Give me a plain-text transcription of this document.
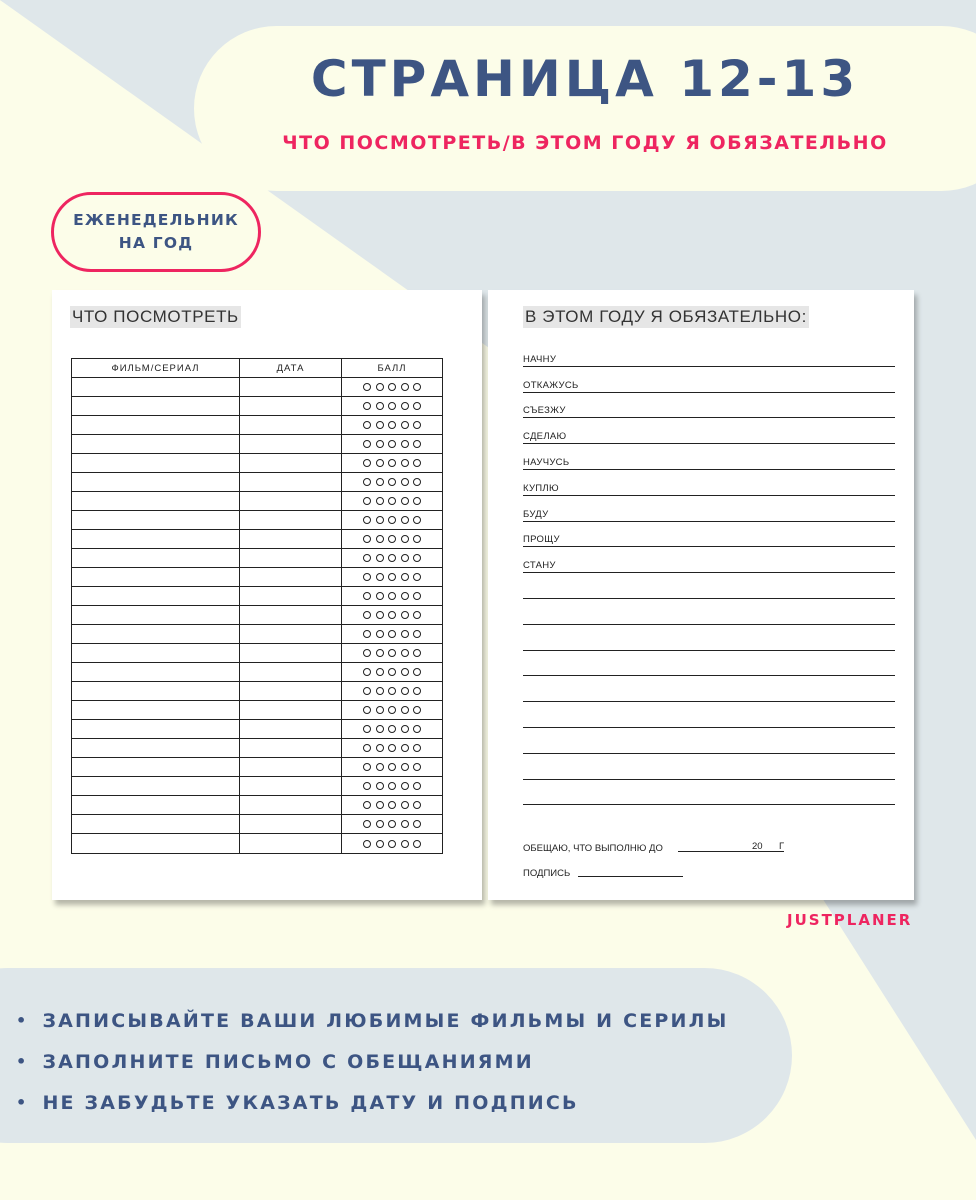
СТРАНИЦА 12-13
ЧТО ПОСМОТРЕТЬ/В ЭТОМ ГОДУ Я ОБЯЗАТЕЛЬНО
ЕЖЕНЕДЕЛЬНИК
НА ГОД
ЧТО ПОСМОТРЕТЬ
ФИЛЬМ/СЕРИАЛ	ДАТА	БАЛЛ
В ЭТОМ ГОДУ Я ОБЯЗАТЕЛЬНО:
ОБЕЩАЮ, ЧТО ВЫПОЛНЮ ДО	20 Г
ПОДПИСЬ
НАЧНУ
ОТКАЖУСЬ
СЪЕЗЖУ
СДЕЛАЮ
НАУЧУСЬ
КУПЛЮ
БУДУ
ПРОЩУ
СТАНУ
JUSTPLANER
• ЗАПИСЫВАЙТЕ ВАШИ ЛЮБИМЫЕ ФИЛЬМЫ И СЕРИЛЫ
• ЗАПОЛНИТЕ ПИСЬМО С ОБЕЩАНИЯМИ
• НЕ ЗАБУДЬТЕ УКАЗАТЬ ДАТУ И ПОДПИСЬ
